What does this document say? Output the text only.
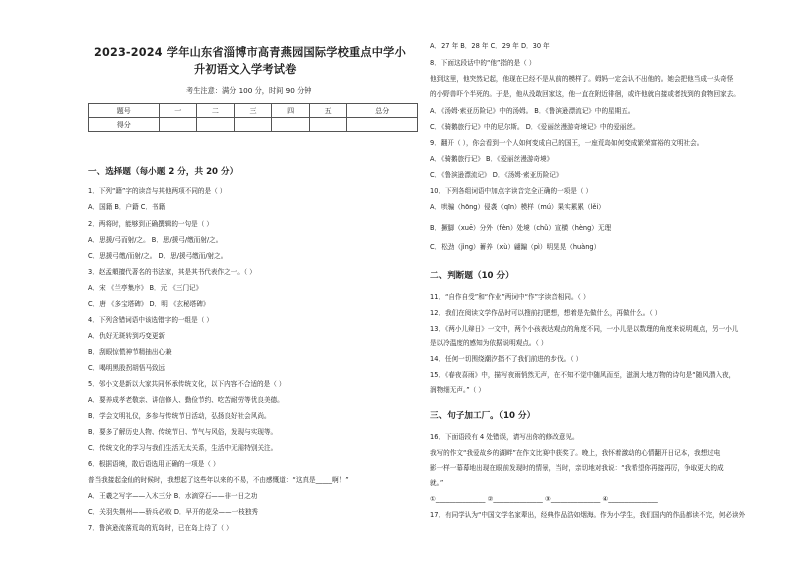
2023-2024 学年山东省淄博市高青燕园国际学校重点中学小
升初语文入学考试卷
考生注意：满分 100 分，时间 90 分钟
题号	一	二	三	四	五	总分
得分						
一、选择题（每小题 2 分，共 20 分）
1．下列“籍”字的读音与其他两项不同的是（ ）
A．国籍 B．户籍 C．书籍
2．两将时，能够到正确撰辑的一句是（ ）
A．思援/弓而射/之。 B．思/援弓/缴而射/之。
C．思援弓缴/而射/之。 D．思/援弓缴而/射之。
3．赵孟頫擅代著名的书法家，其是其书代表作之一。（ ）
A．宋 《兰亭集序》 B．元 《三门记》
C．唐 《多宝塔碑》 D．明 《玄秘塔碑》
4．下列含错词语中该选错字的一组是（ ）
A．仇好无斑转到巧变更新
B．刮眼惊慌神节精抽出心兼
C．喝明黑股拐胡悟马致远
5．邻小文是新以大家共同怀承传统文化，以下内容不合适的是（ ）
A．要养成孝老敬亲、讲信修人、勤俭节约、吃苦耐劳等优良美德。
B．学会文明礼仪，多参与传统节日活动，弘扬良好社会风尚。
B．要多了解历史人物、传统节日、节气与风俗，发现与实现等。
C．传统文化的学习与我们生活无太关系，生活中无需特别关注。
6．根据语境，散后语选用正确的一项是（ ）
普当我接起金仙的时候时，我想起了这些年以来的不易，不由感慨道：“这真是_____啊！”
A．王羲之写字——入木三分 B．水滴穿石——非一日之功
C．关羽失荆州——骄兵必败 D．早开的花朵——一枝独秀
7．鲁滨逊流落荒岛的荒岛时，已在岛上待了（ ）
A．27 年 B．28 年 C．29 年 D．30 年
8．下面这段话中的“他”指的是（ ）
他到这里，他突然记起，他现在已经不是从前的模样了。姆妈一定会认不出他的。她会把他当成一头奇怪
的小野兽吓个半死的。于是，他从没敢回家这，他一直在附近徘徊，或许他就自接或者找到的食物回家去。
A．《汤姆·索亚历险记》中的汤姆。 B．《鲁滨逊漂流记》中的星期五。
C．《骑鹅旅行记》中的尼尔斯。 D．《爱丽丝漫游奇境记》中的爱丽丝。
9．翻开（ ），你会看到一个人如何变成自己的国王，一座荒岛如何变成繁荣富裕的文明社会。
A．《骑鹅旅行记》 B．《爱丽丝漫游奇境》
C．《鲁滨逊漂流记》 D．《汤姆·索亚历险记》
10．下列各组词语中加点字读音完全正确的一项是（ ）
A．哄骗（hōng）侵袭（qīn）模样（mú）果实累累（lěi）
B．撅脚（xuē）分外（fèn）处境（chǔ）宣横（hèng）无理
C．松劲（jìng）蓄养（xù）翩蹁（pì）明晃晃（huàng）
二、判断题（10 分）
11．“自作自受”和“作业”两词中“作”字读音相同。（ ）
12．我们在阅读文学作品时可以搜前打肥想，想着是先做什么，再做什么。（ ）
13．《两小儿辩日》一文中，两个小孩表达观点的角度不同，一小儿是以数理的角度来说明观点，另一小儿
是以冷温度的感知为依据说明观点。（ ）
14．任何一切围绕潮汐指不了我们前进的步伐。（ ）
15．《春夜喜雨》中，描写夜雨悄然无声，在不知不觉中随风而至，滋润大地万物的诗句是“随风潜入夜，
润物细无声。”（ ）
三、句子加工厂。（10 分）
16．下面语段有 4 处错误，请写出你的修改意见。
我写的作文“我爱故乡的湖畔”在作文比赛中获奖了。晚上，我怀着激动的心情翻开日记本，我想过电
影一样一幕幕地出现在眼前发现时的情景，当时，亲切地对我说：“我希望你再接再厉，争取更大的成
就。”
①_______________ ②_______________ ③_______________ ④_______________
17．有同学认为“中国文学名家辈出，经典作品浩如烟海。作为小学生，我们国内的作品都读不完，何必读外
